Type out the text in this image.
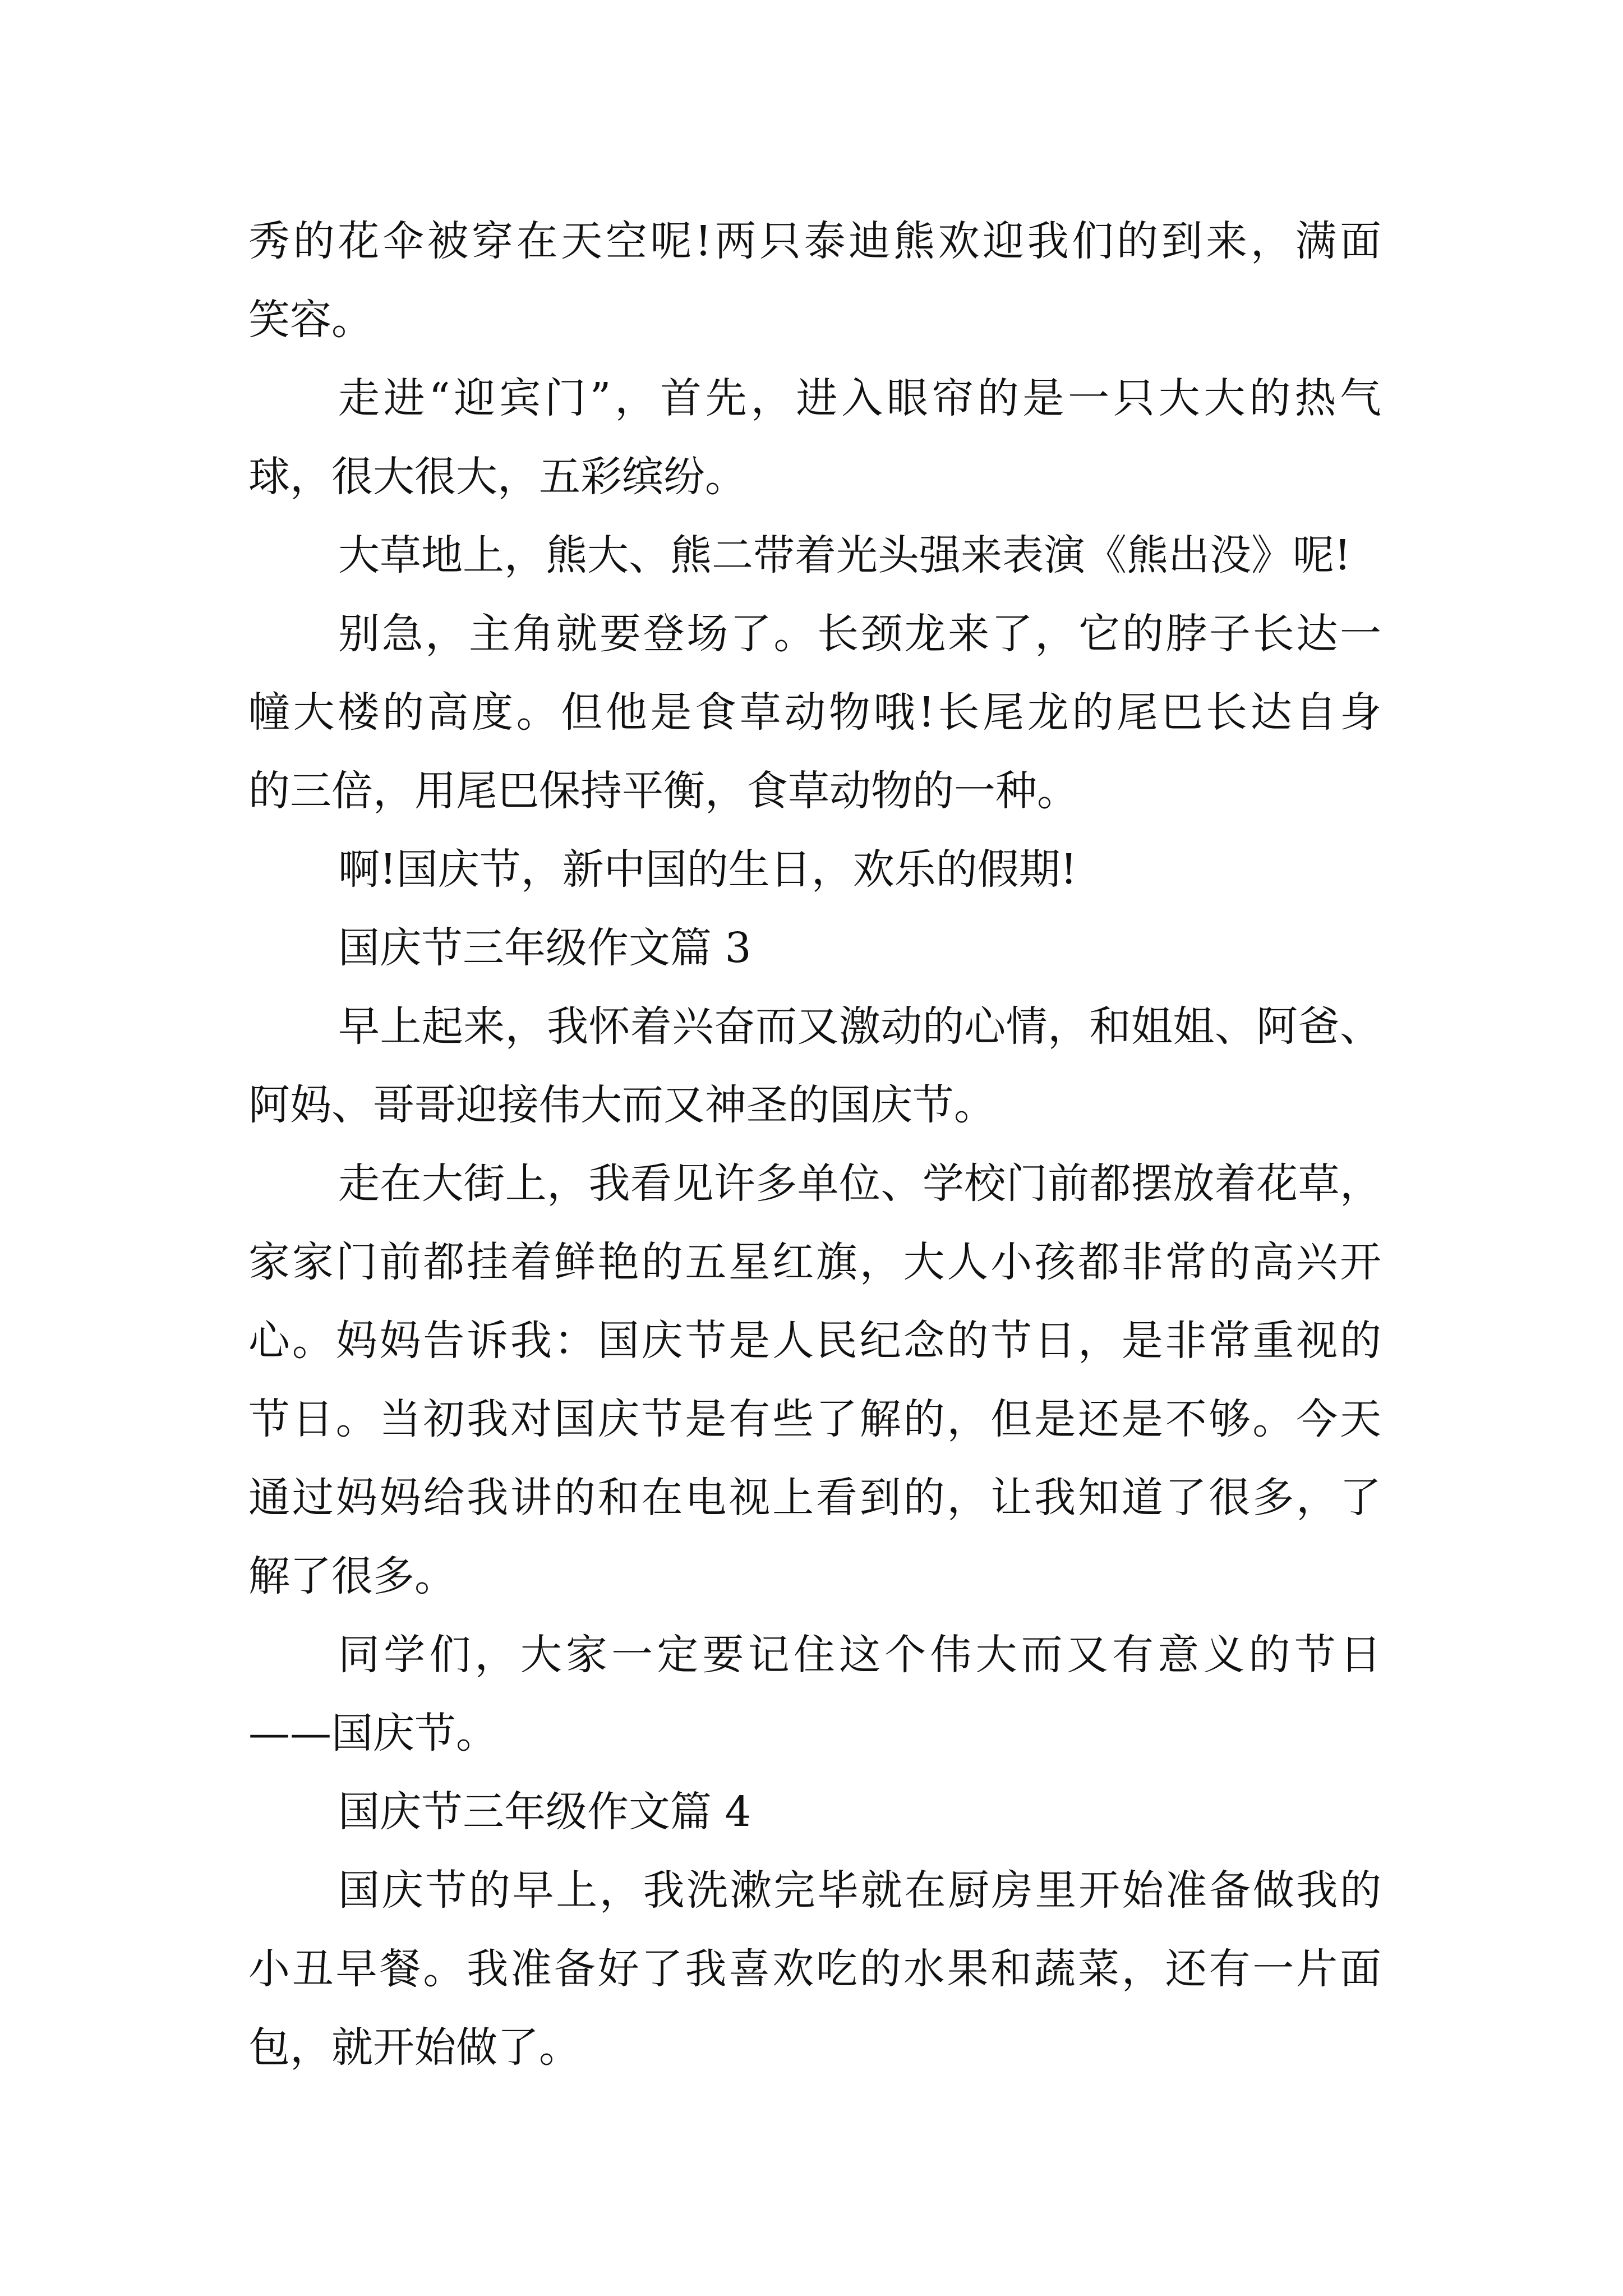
秀的花伞被穿在天空呢!两只泰迪熊欢迎我们的到来，满面
笑容。
走进“迎宾门”，首先，进入眼帘的是一只大大的热气
球，很大很大，五彩缤纷。
大草地上，熊大、熊二带着光头强来表演《熊出没》呢!
别急，主角就要登场了。长颈龙来了，它的脖子长达一
幢大楼的高度。但他是食草动物哦!长尾龙的尾巴长达自身
的三倍，用尾巴保持平衡，食草动物的一种。
啊!国庆节，新中国的生日，欢乐的假期!
国庆节三年级作文篇 3
早上起来，我怀着兴奋而又激动的心情，和姐姐、阿爸、
阿妈、哥哥迎接伟大而又神圣的国庆节。
走在大街上，我看见许多单位、学校门前都摆放着花草，
家家门前都挂着鲜艳的五星红旗，大人小孩都非常的高兴开
心。妈妈告诉我：国庆节是人民纪念的节日，是非常重视的
节日。当初我对国庆节是有些了解的，但是还是不够。今天
通过妈妈给我讲的和在电视上看到的，让我知道了很多，了
解了很多。
同学们，大家一定要记住这个伟大而又有意义的节日
——国庆节。
国庆节三年级作文篇 4
国庆节的早上，我洗漱完毕就在厨房里开始准备做我的
小丑早餐。我准备好了我喜欢吃的水果和蔬菜，还有一片面
包，就开始做了。
